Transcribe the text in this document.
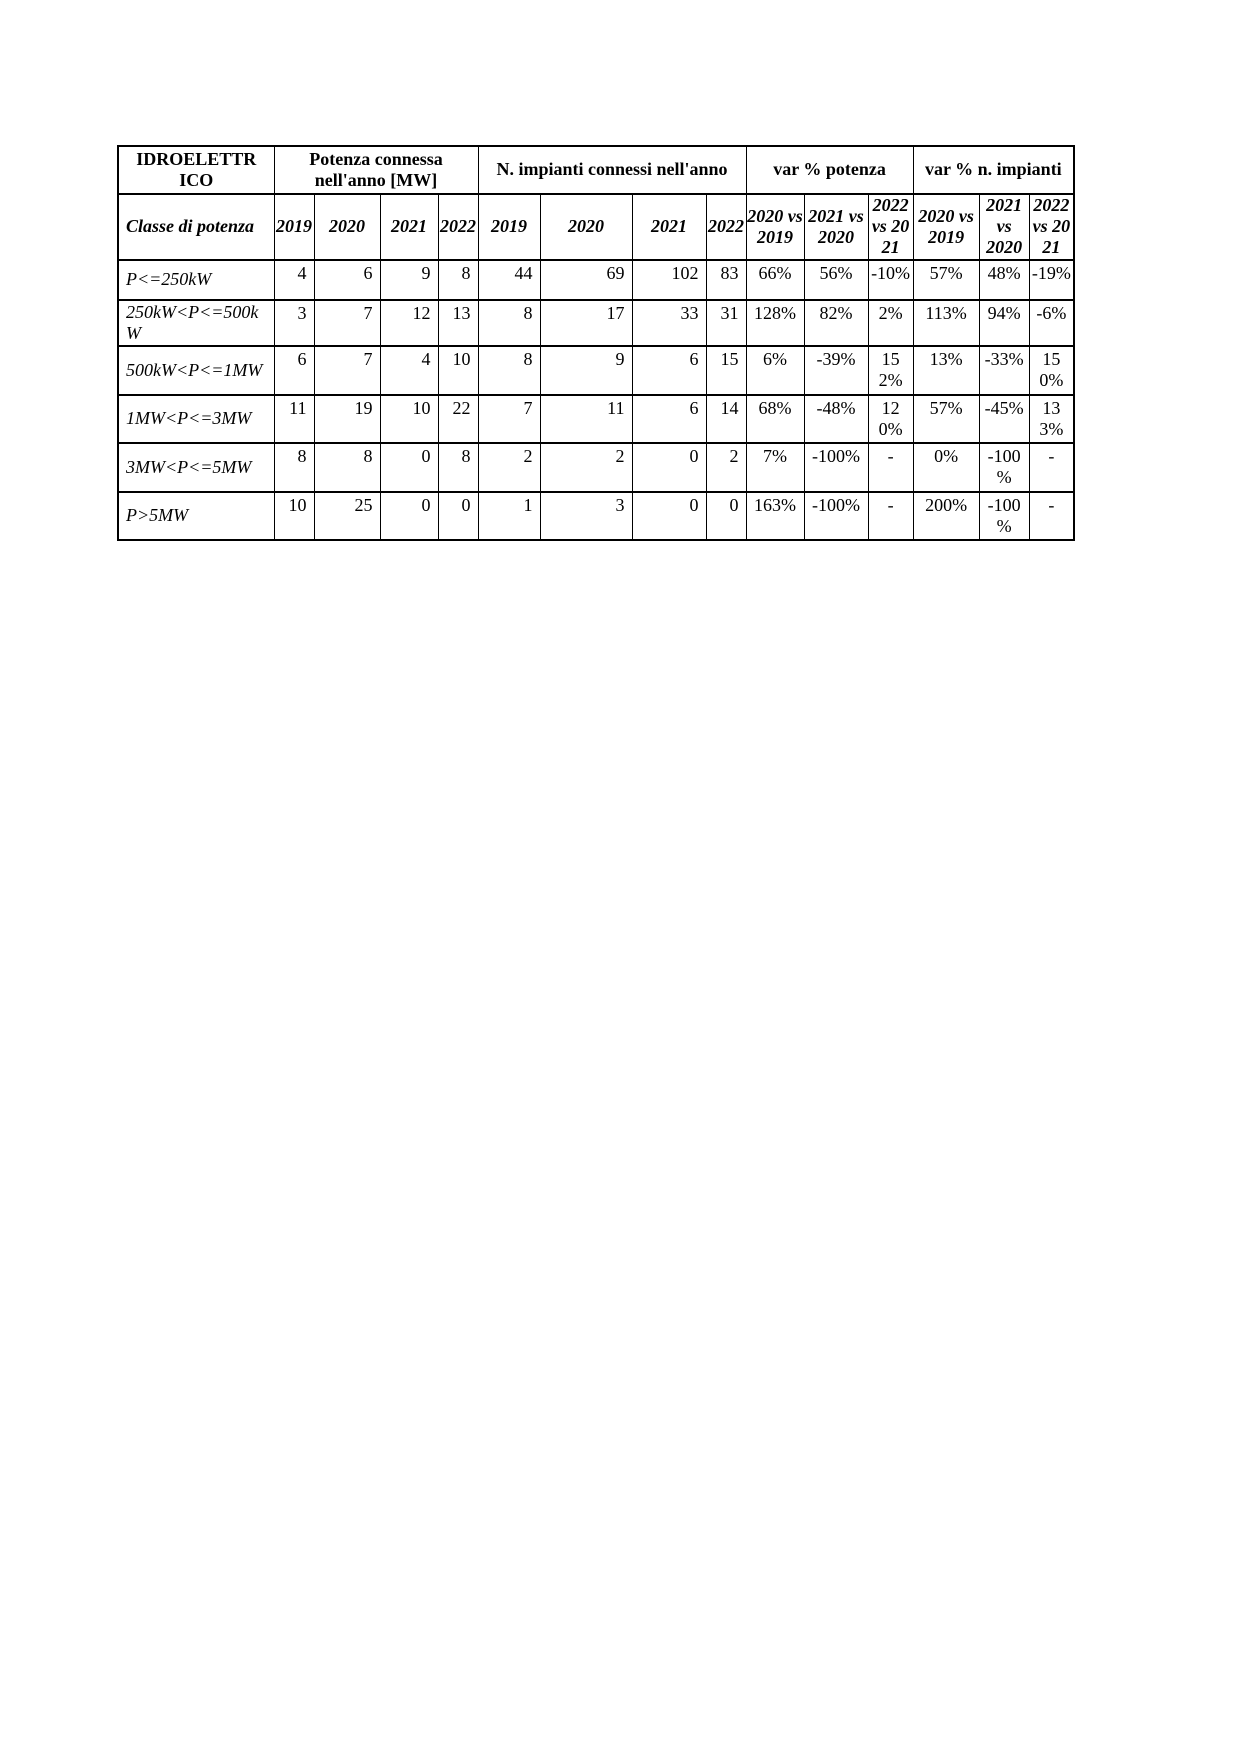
IDROELETTRICO	Potenza connessa nell'anno [MW]				N. impianti connessi nell'anno				var % potenza			var % n. impianti		
Classe di potenza	2019	2020	2021	2022	2019	2020	2021	2022	2020 vs 2019	2021 vs 2020	2022 vs 2021	2020 vs 2019	2021 vs 2020	2022 vs 2021
P<=250kW	4	6	9	8	44	69	102	83	66%	56%	-10%	57%	48%	-19%
250kW<P<=500kW	3	7	12	13	8	17	33	31	128%	82%	2%	113%	94%	-6%
500kW<P<=1MW	6	7	4	10	8	9	6	15	6%	-39%	152%	13%	-33%	150%
1MW<P<=3MW	11	19	10	22	7	11	6	14	68%	-48%	120%	57%	-45%	133%
3MW<P<=5MW	8	8	0	8	2	2	0	2	7%	-100%	-	0%	-100%	-
P>5MW	10	25	0	0	1	3	0	0	163%	-100%	-	200%	-100%	-
